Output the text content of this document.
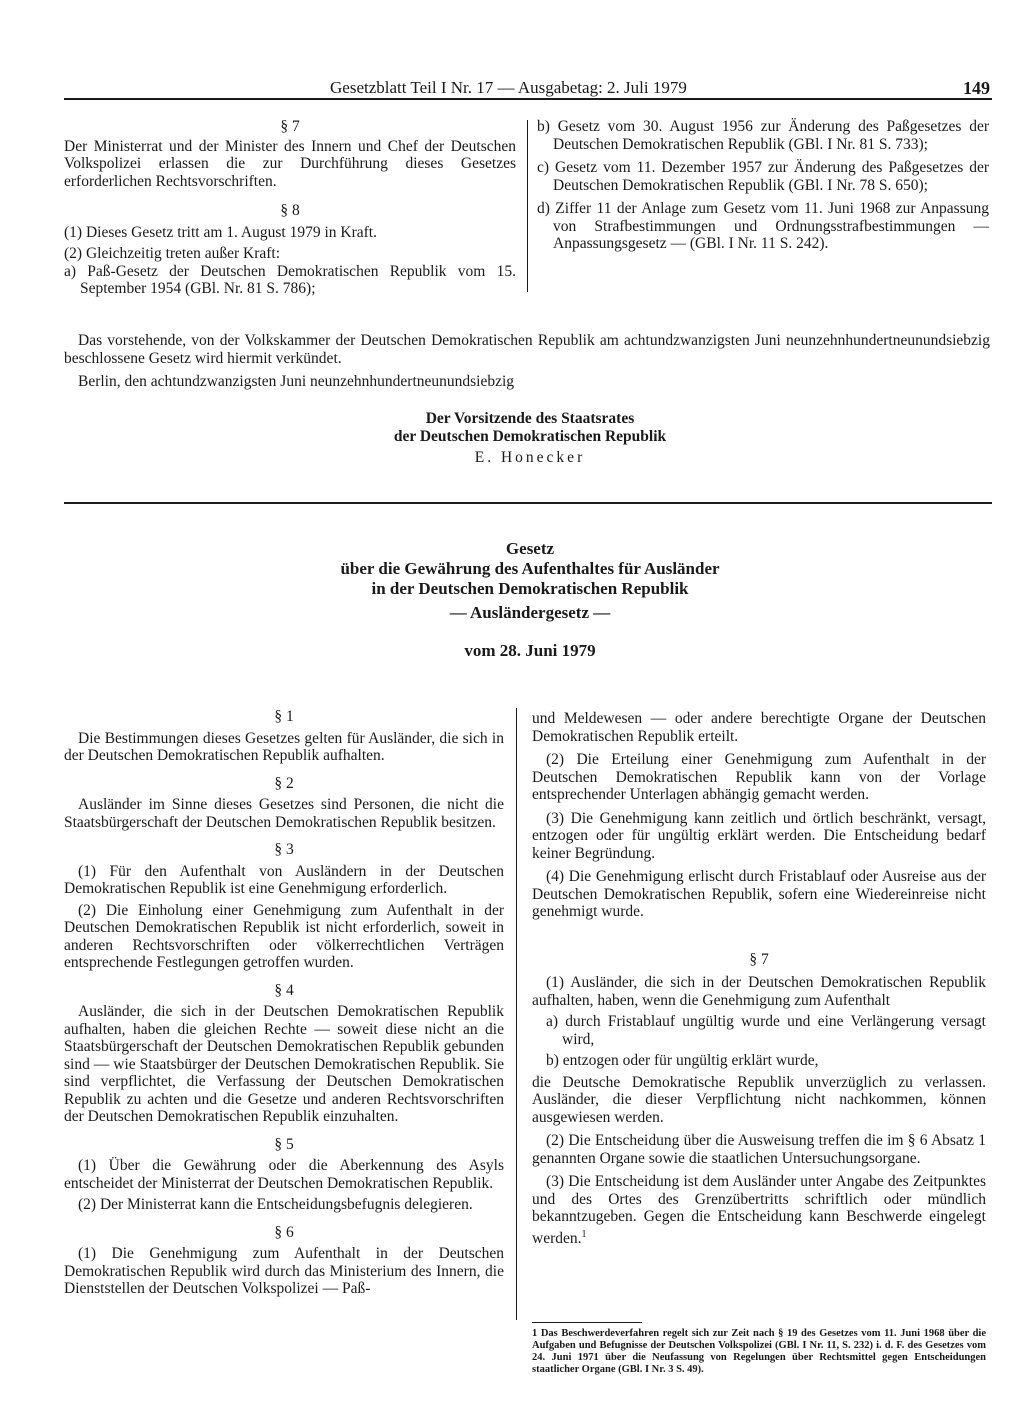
Gesetzblatt Teil I Nr. 17 — Ausgabetag: 2. Juli 1979	149

§ 7

Der Ministerrat und der Minister des Innern und Chef der Deutschen Volkspolizei erlassen die zur Durchführung dieses Gesetzes erforderlichen Rechtsvorschriften.

§ 8

(1) Dieses Gesetz tritt am 1. August 1979 in Kraft.

(2) Gleichzeitig treten außer Kraft:

a) Paß-Gesetz der Deutschen Demokratischen Republik vom 15. September 1954 (GBl. Nr. 81 S. 786);

b) Gesetz vom 30. August 1956 zur Änderung des Paßgesetzes der Deutschen Demokratischen Republik (GBl. I Nr. 81 S. 733);

c) Gesetz vom 11. Dezember 1957 zur Änderung des Paßgesetzes der Deutschen Demokratischen Republik (GBl. I Nr. 78 S. 650);

d) Ziffer 11 der Anlage zum Gesetz vom 11. Juni 1968 zur Anpassung von Strafbestimmungen und Ordnungsstrafbestimmungen — Anpassungsgesetz — (GBl. I Nr. 11 S. 242).

Das vorstehende, von der Volkskammer der Deutschen Demokratischen Republik am achtundzwanzigsten Juni neunzehnhundertneunundsiebzig beschlossene Gesetz wird hiermit verkündet.

Berlin, den achtundzwanzigsten Juni neunzehnhundertneunundsiebzig

Der Vorsitzende des Staatsrates
der Deutschen Demokratischen Republik
E. Honecker
Gesetz
über die Gewährung des Aufenthaltes für Ausländer
in der Deutschen Demokratischen Republik
— Ausländergesetz —
vom 28. Juni 1979

§ 1

Die Bestimmungen dieses Gesetzes gelten für Ausländer, die sich in der Deutschen Demokratischen Republik aufhalten.

§ 2

Ausländer im Sinne dieses Gesetzes sind Personen, die nicht die Staatsbürgerschaft der Deutschen Demokratischen Republik besitzen.

§ 3

(1) Für den Aufenthalt von Ausländern in der Deutschen Demokratischen Republik ist eine Genehmigung erforderlich.

(2) Die Einholung einer Genehmigung zum Aufenthalt in der Deutschen Demokratischen Republik ist nicht erforderlich, soweit in anderen Rechtsvorschriften oder völkerrechtlichen Verträgen entsprechende Festlegungen getroffen wurden.

§ 4

Ausländer, die sich in der Deutschen Demokratischen Republik aufhalten, haben die gleichen Rechte — soweit diese nicht an die Staatsbürgerschaft der Deutschen Demokratischen Republik gebunden sind — wie Staatsbürger der Deutschen Demokratischen Republik. Sie sind verpflichtet, die Verfassung der Deutschen Demokratischen Republik zu achten und die Gesetze und anderen Rechtsvorschriften der Deutschen Demokratischen Republik einzuhalten.

§ 5

(1) Über die Gewährung oder die Aberkennung des Asyls entscheidet der Ministerrat der Deutschen Demokratischen Republik.

(2) Der Ministerrat kann die Entscheidungsbefugnis delegieren.

§ 6

(1) Die Genehmigung zum Aufenthalt in der Deutschen Demokratischen Republik wird durch das Ministerium des Innern, die Dienststellen der Deutschen Volkspolizei — Paß-

und Meldewesen — oder andere berechtigte Organe der Deutschen Demokratischen Republik erteilt.

(2) Die Erteilung einer Genehmigung zum Aufenthalt in der Deutschen Demokratischen Republik kann von der Vorlage entsprechender Unterlagen abhängig gemacht werden.

(3) Die Genehmigung kann zeitlich und örtlich beschränkt, versagt, entzogen oder für ungültig erklärt werden. Die Entscheidung bedarf keiner Begründung.

(4) Die Genehmigung erlischt durch Fristablauf oder Ausreise aus der Deutschen Demokratischen Republik, sofern eine Wiedereinreise nicht genehmigt wurde.

§ 7

(1) Ausländer, die sich in der Deutschen Demokratischen Republik aufhalten, haben, wenn die Genehmigung zum Aufenthalt

a) durch Fristablauf ungültig wurde und eine Verlängerung versagt wird,

b) entzogen oder für ungültig erklärt wurde,

die Deutsche Demokratische Republik unverzüglich zu verlassen. Ausländer, die dieser Verpflichtung nicht nachkommen, können ausgewiesen werden.

(2) Die Entscheidung über die Ausweisung treffen die im § 6 Absatz 1 genannten Organe sowie die staatlichen Untersuchungsorgane.

(3) Die Entscheidung ist dem Ausländer unter Angabe des Zeitpunktes und des Ortes des Grenzübertritts schriftlich oder mündlich bekanntzugeben. Gegen die Entscheidung kann Beschwerde eingelegt werden.$^1$

1 Das Beschwerdeverfahren regelt sich zur Zeit nach § 19 des Gesetzes vom 11. Juni 1968 über die Aufgaben und Befugnisse der Deutschen Volkspolizei (GBl. I Nr. 11, S. 232) i. d. F. des Gesetzes vom 24. Juni 1971 über die Neufassung von Regelungen über Rechtsmittel gegen Entscheidungen staatlicher Organe (GBl. I Nr. 3 S. 49).
